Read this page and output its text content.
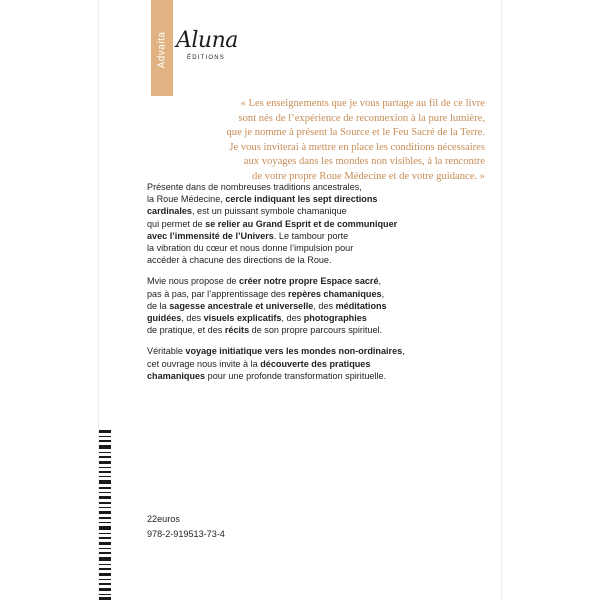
Advaita Aluna
ÉDITIONS

« Les enseignements que je vous partage au fil de ce livre

sont nés de l’expérience de reconnexion à la pure lumière,

que je nomme à présent la Source et le Feu Sacré de la Terre.

Je vous inviterai à mettre en place les conditions nécessaires

aux voyages dans les mondes non visibles, à la rencontre

de votre propre Roue Médecine et de votre guidance. »

Présente dans de nombreuses traditions ancestrales,
la Roue Médecine, cercle indiquant les sept directions
cardinales, est un puissant symbole chamanique
qui permet de se relier au Grand Esprit et de communiquer
avec l’immensité de l’Univers. Le tambour porte
la vibration du cœur et nous donne l’impulsion pour
accéder à chacune des directions de la Roue.
Mvie nous propose de créer notre propre Espace sacré,
pas à pas, par l’apprentissage des repères chamaniques,
de la sagesse ancestrale et universelle, des méditations
guidées, des visuels explicatifs, des photographies
de pratique, et des récits de son propre parcours spirituel.
Véritable voyage initiatique vers les mondes non-ordinaires,
cet ouvrage nous invite à la découverte des pratiques
chamaniques pour une profonde transformation spirituelle.
22euros
978-2-919513-73-4
